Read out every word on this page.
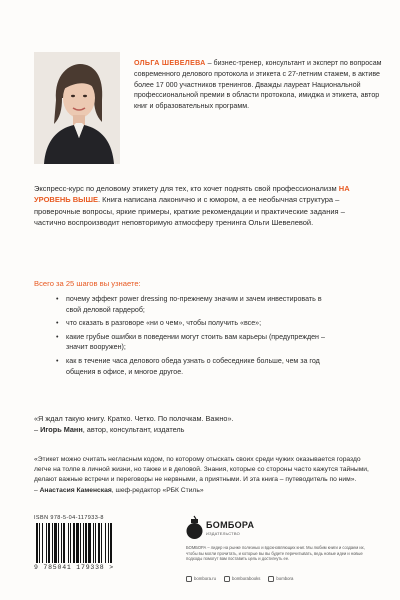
ОЛЬГА ШЕВЕЛЕВА – бизнес-тренер, консультант и эксперт по вопросам современного делового протокола и этикета с 27-летним стажем, в активе более 17 000 участников тренингов. Дважды лауреат Национальной профессиональной премии в области протокола, имиджа и этикета, автор книг и образовательных программ.

Экспресс-курс по деловому этикету для тех, кто хочет поднять свой профессионализм НА УРОВЕНЬ ВЫШЕ. Книга написана лаконично и с юмором, а ее необычная структура – проверочные вопросы, яркие примеры, краткие рекомендации и практические задания – частично воспроизводит неповторимую атмосферу тренинга Ольги Шевелевой.

Всего за 25 шагов вы узнаете:
•	почему эффект power dressing по-прежнему значим и зачем инвестировать в свой деловой гардероб;
•	что сказать в разговоре «ни о чем», чтобы получить «все»;
•	какие грубые ошибки в поведении могут стоить вам карьеры (предупрежден – значит вооружен);
•	как в течение часа делового обеда узнать о собеседнике больше, чем за год общения в офисе, и многое другое.

«Я ждал такую книгу. Кратко. Четко. По полочкам. Важно».
– Игорь Манн, автор, консультант, издатель

«Этикет можно считать негласным кодом, по которому отыскать своих среди чужих оказывается гораздо легче на толпе в личной жизни, но также и в деловой. Знания, которые со стороны часто кажутся тайными, делают важные встречи и переговоры не нервными, а приятными. И эта книга – путеводитель по ним».
– Анастасия Каменская, шеф-редактор «РБК Стиль»

ISBN 978-5-04-117933-8
9 785041 179338 >
БОМБОРА
ИЗДАТЕЛЬСТВО

БОМБОРА – лидер на рынке полезных и вдохновляющих книг. Мы любим книги и создаем их, чтобы вы могли прочитать, и которые вы вы будете перечитывать, ведь новые идеи и новые подходы помогут вам поставить цель и достигнуть ее.

bombora.ru	bomborabooks	bombora
